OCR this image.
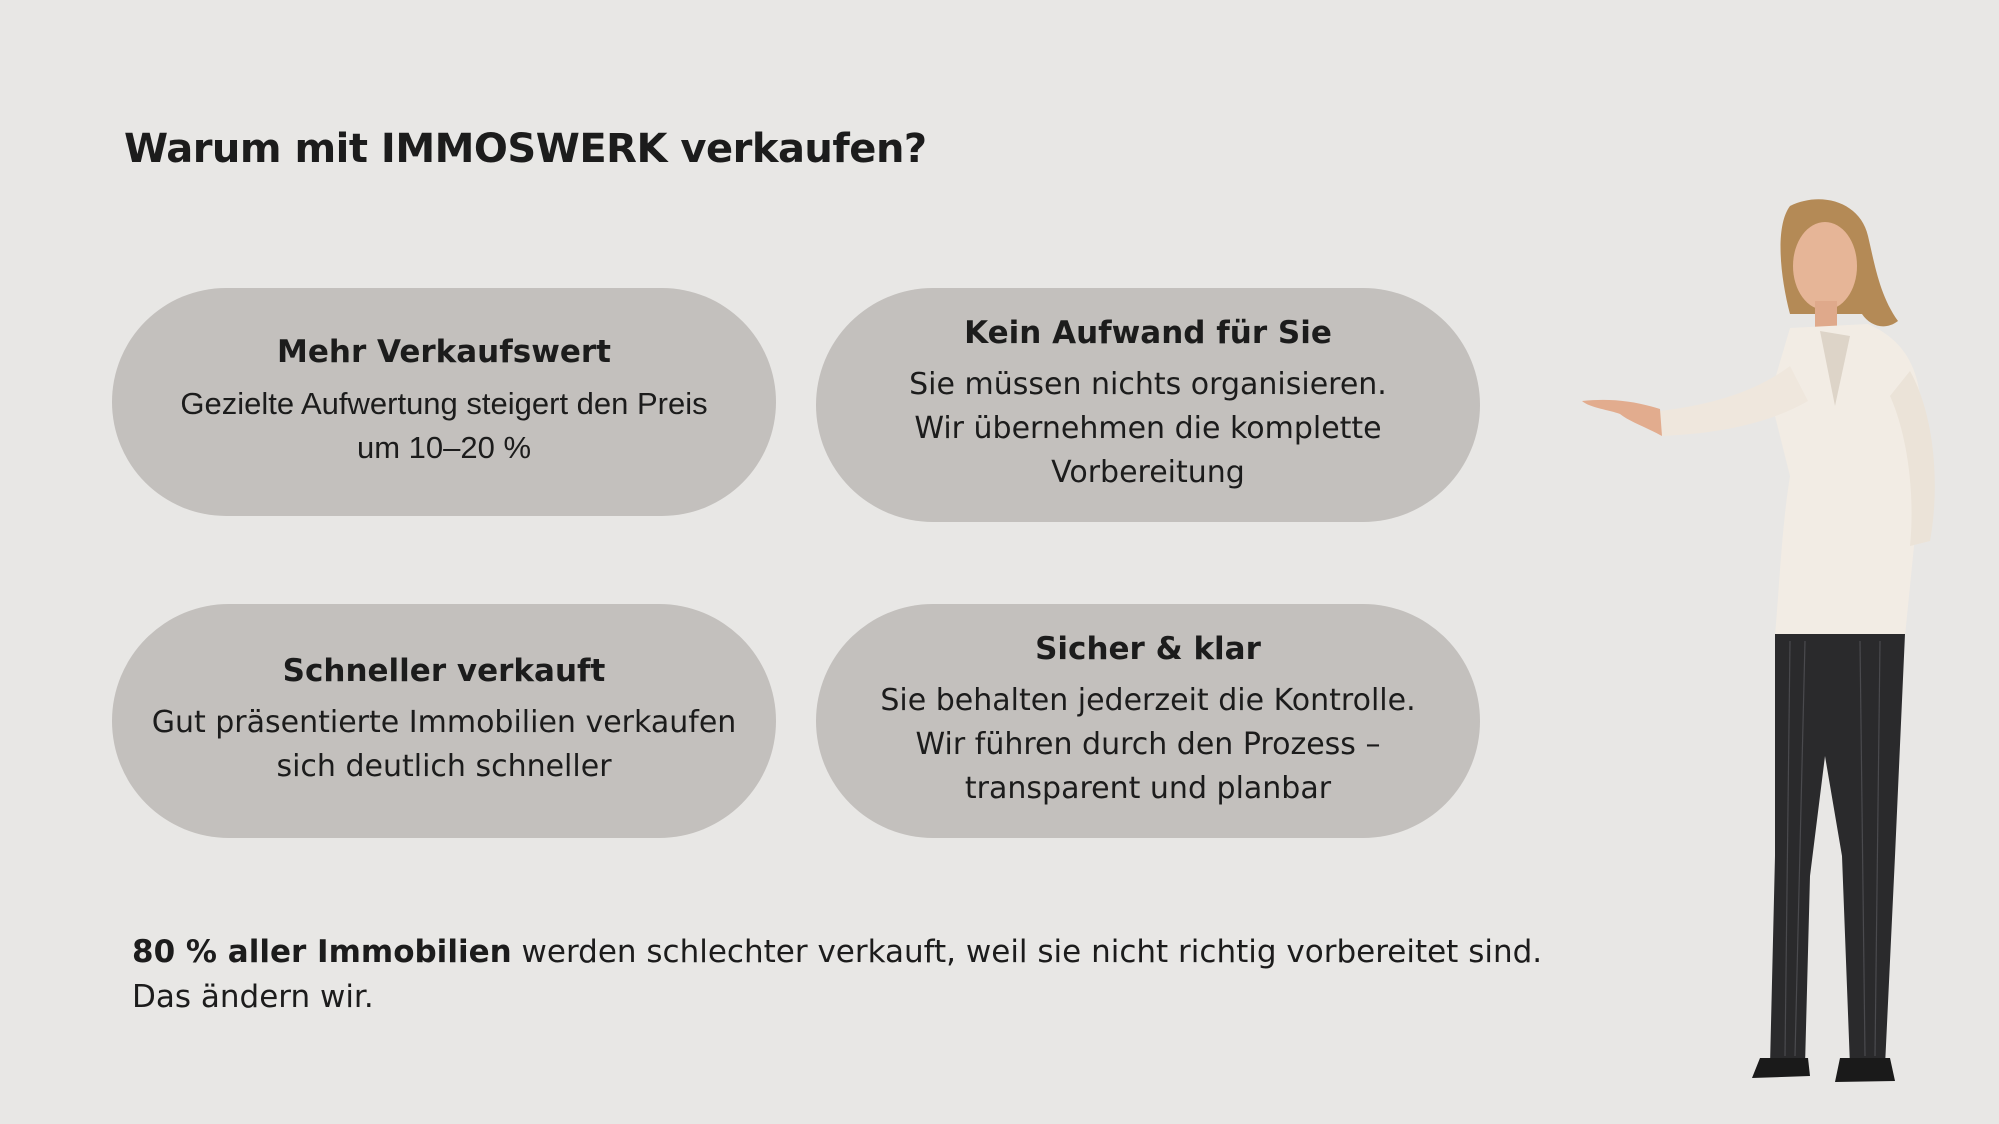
Warum mit IMMOSWERK verkaufen?
Mehr Verkaufswert
Gezielte Aufwertung steigert den Preis
um 10–20 %
Kein Aufwand für Sie
Sie müssen nichts organisieren.
Wir übernehmen die komplette
Vorbereitung
Schneller verkauft
Gut präsentierte Immobilien verkaufen
sich deutlich schneller
Sicher & klar
Sie behalten jederzeit die Kontrolle.
Wir führen durch den Prozess –
transparent und planbar
80 % aller Immobilien werden schlechter verkauft, weil sie nicht richtig vorbereitet sind.
Das ändern wir.
